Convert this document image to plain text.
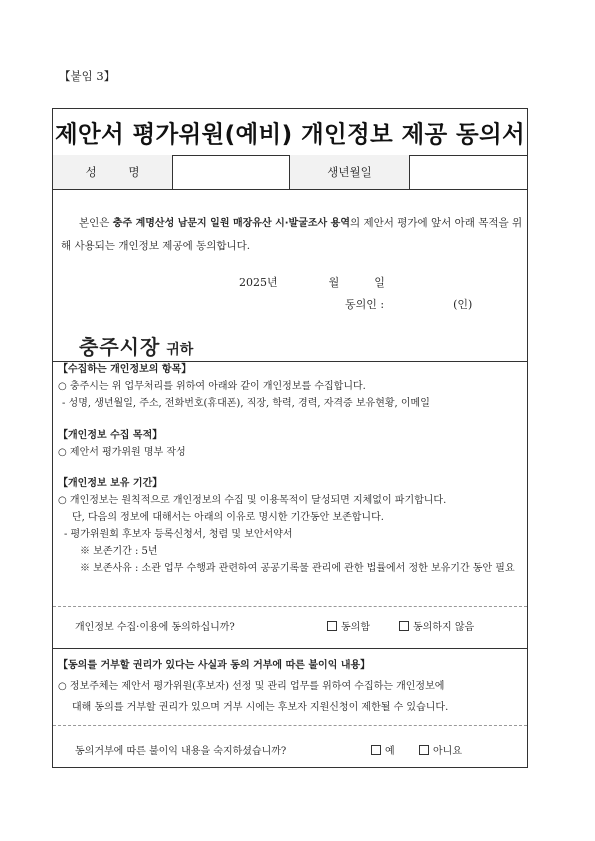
【붙임 3】
제안서 평가위원(예비) 개인정보 제공 동의서
성 명	생년월일

본인은 충주 계명산성 남문지 일원 매장유산 시·발굴조사 용역의 제안서 평가에 앞서 아래 목적을 위해 사용되는 개인정보 제공에 동의합니다.

2025년	월	일
동의인 :	(인)
충주시장 귀하

【수집하는 개인정보의 항목】

○ 충주시는 위 업무처리를 위하여 아래와 같이 개인정보를 수집합니다.

- 성명, 생년월일, 주소, 전화번호(휴대폰), 직장, 학력, 경력, 자격증 보유현황, 이메일

【개인정보 수집 목적】

○ 제안서 평가위원 명부 작성

【개인정보 보유 기간】

○ 개인정보는 원칙적으로 개인정보의 수집 및 이용목적이 달성되면 지체없이 파기합니다.

단, 다음의 정보에 대해서는 아래의 이유로 명시한 기간동안 보존합니다.

- 평가위원회 후보자 등록신청서, 청렴 및 보안서약서

※ 보존기간 : 5년

※ 보존사유 : 소관 업무 수행과 관련하여 공공기록물 관리에 관한 법률에서 정한 보유기간 동안 필요

개인정보 수집·이용에 동의하십니까?	동의함	동의하지 않음

【동의를 거부할 권리가 있다는 사실과 동의 거부에 따른 불이익 내용】

○ 정보주체는 제안서 평가위원(후보자) 선정 및 관리 업무를 위하여 수집하는 개인정보에

대해 동의를 거부할 권리가 있으며 거부 시에는 후보자 지원신청이 제한될 수 있습니다.

동의거부에 따른 불이익 내용을 숙지하셨습니까?	예	아니요
